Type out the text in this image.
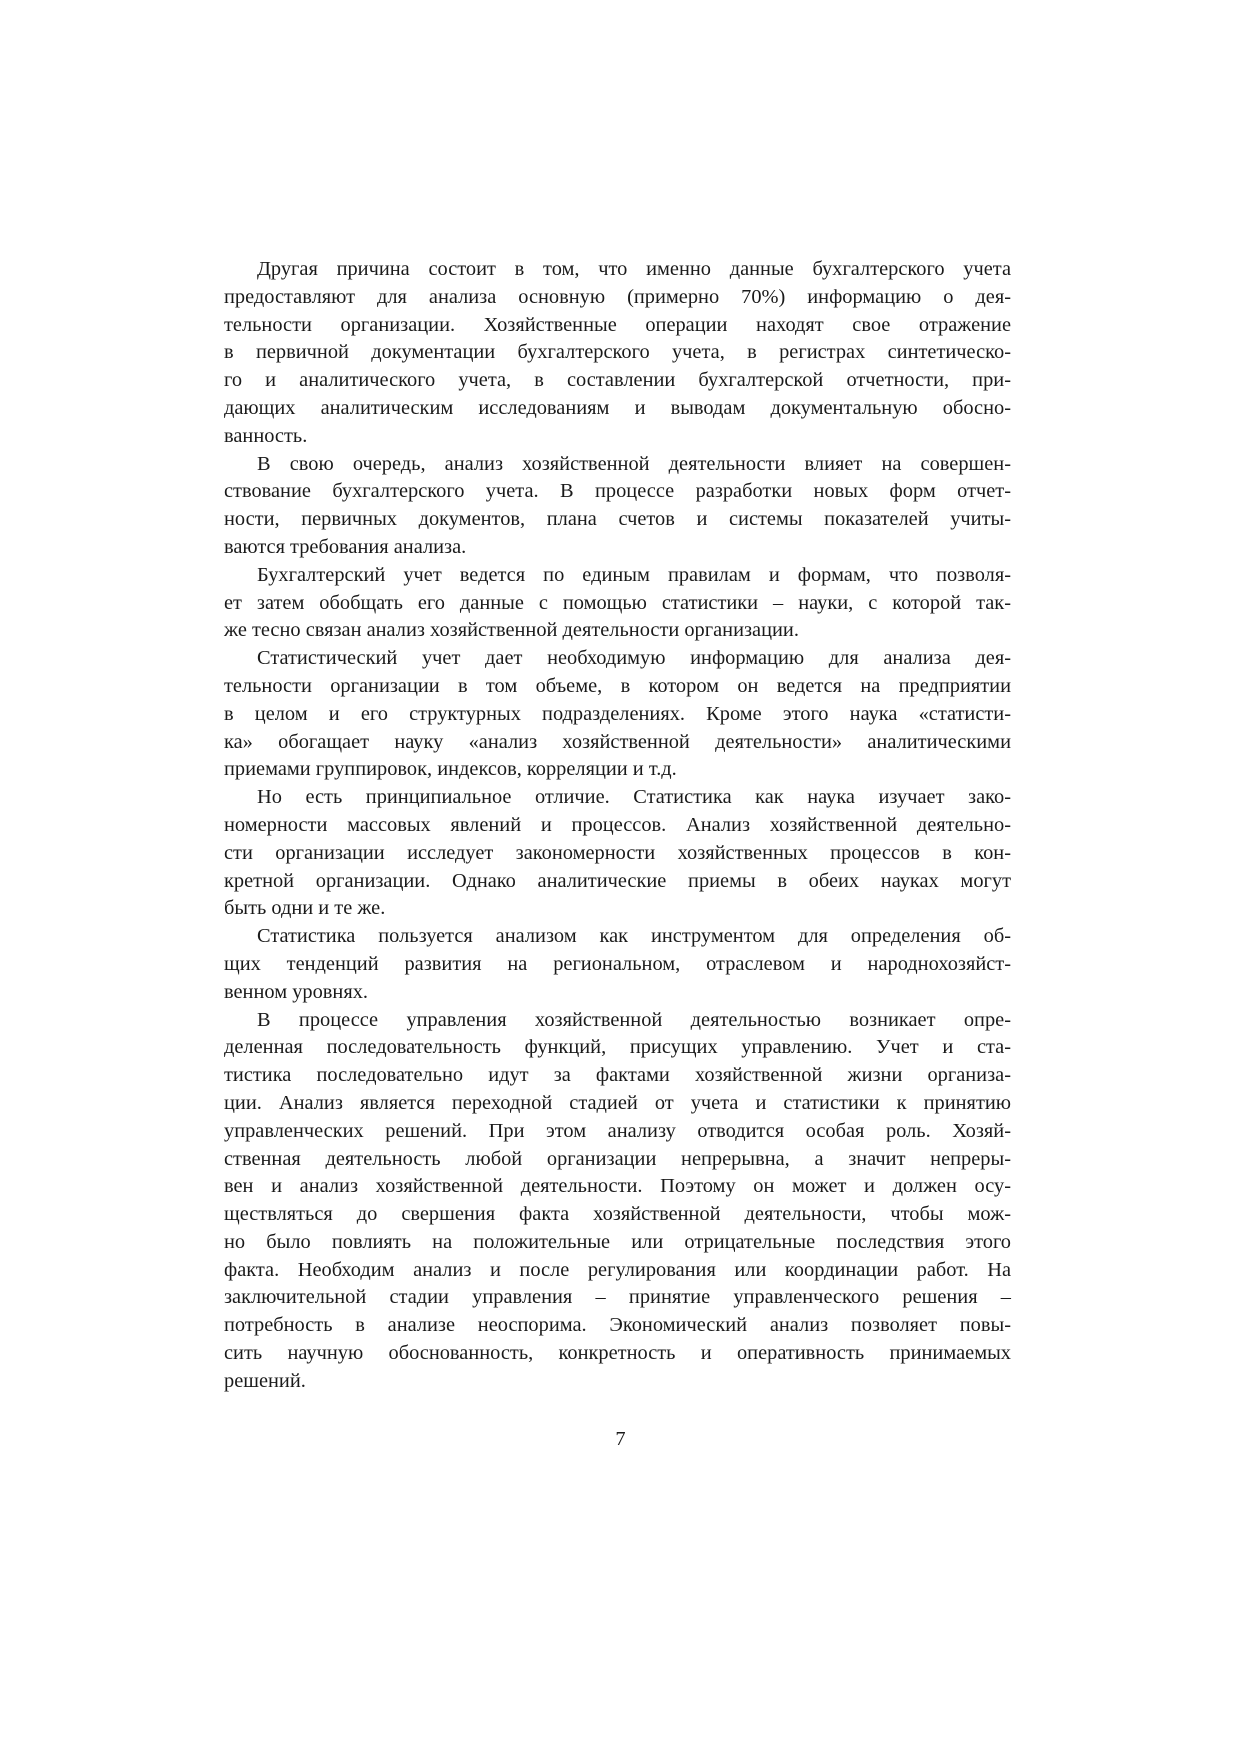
Другая причина состоит в том, что именно данные бухгалтерского учета
предоставляют для анализа основную (примерно 70%) информацию о дея-
тельности организации. Хозяйственные операции находят свое отражение
в первичной документации бухгалтерского учета, в регистрах синтетическо-
го и аналитического учета, в составлении бухгалтерской отчетности, при-
дающих аналитическим исследованиям и выводам документальную обосно-
ванность.
В свою очередь, анализ хозяйственной деятельности влияет на совершен-
ствование бухгалтерского учета. В процессе разработки новых форм отчет-
ности, первичных документов, плана счетов и системы показателей учиты-
ваются требования анализа.
Бухгалтерский учет ведется по единым правилам и формам, что позволя-
ет затем обобщать его данные с помощью статистики – науки, с которой так-
же тесно связан анализ хозяйственной деятельности организации.
Статистический учет дает необходимую информацию для анализа дея-
тельности организации в том объеме, в котором он ведется на предприятии
в целом и его структурных подразделениях. Кроме этого наука «статисти-
ка» обогащает науку «анализ хозяйственной деятельности» аналитическими
приемами группировок, индексов, корреляции и т.д.
Но есть принципиальное отличие. Статистика как наука изучает зако-
номерности массовых явлений и процессов. Анализ хозяйственной деятельно-
сти организации исследует закономерности хозяйственных процессов в кон-
кретной организации. Однако аналитические приемы в обеих науках могут
быть одни и те же.
Статистика пользуется анализом как инструментом для определения об-
щих тенденций развития на региональном, отраслевом и народнохозяйст-
венном уровнях.
В процессе управления хозяйственной деятельностью возникает опре-
деленная последовательность функций, присущих управлению. Учет и ста-
тистика последовательно идут за фактами хозяйственной жизни организа-
ции. Анализ является переходной стадией от учета и статистики к принятию
управленческих решений. При этом анализу отводится особая роль. Хозяй-
ственная деятельность любой организации непрерывна, а значит непреры-
вен и анализ хозяйственной деятельности. Поэтому он может и должен осу-
ществляться до свершения факта хозяйственной деятельности, чтобы мож-
но было повлиять на положительные или отрицательные последствия этого
факта. Необходим анализ и после регулирования или координации работ. На
заключительной стадии управления – принятие управленческого решения –
потребность в анализе неоспорима. Экономический анализ позволяет повы-
сить научную обоснованность, конкретность и оперативность принимаемых
решений.
7
